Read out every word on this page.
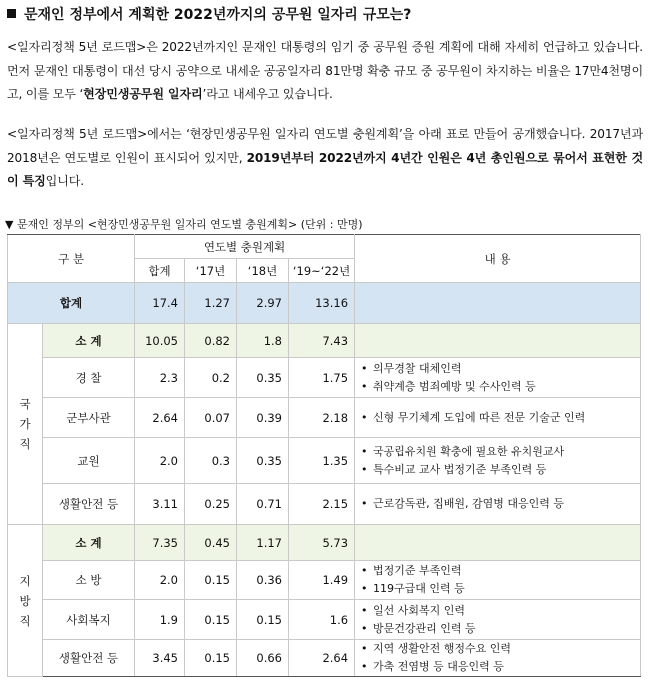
문재인 정부에서 계획한 2022년까지의 공무원 일자리 규모는?
<일자리정책 5년 로드맵>은 2022년까지인 문재인 대통령의 임기 중 공무원 증원 계획에 대해 자세히 언급하고 있습니다. 먼저 문재인 대통령이 대선 당시 공약으로 내세운 공공일자리 81만명 확충 규모 중 공무원이 차지하는 비율은 17만4천명이고, 이를 모두 ‘현장민생공무원 일자리’라고 내세우고 있습니다.
<일자리정책 5년 로드맵>에서는 ‘현장민생공무원 일자리 연도별 충원계획’을 아래 표로 만들어 공개했습니다. 2017년과 2018년은 연도별로 인원이 표시되어 있지만, 2019년부터 2022년까지 4년간 인원은 4년 총인원으로 묶어서 표현한 것이 특징입니다.
▼ 문재인 정부의 <현장민생공무원 일자리 연도별 충원계획> (단위 : 만명)
구 분		연도별 충원계획				내 용
		합계	‘17년	‘18년	‘19~‘22년	
합계		17.4	1.27	2.97	13.16	

국
가
직	소 계	10.05	0.82	1.8	7.43	
	경 찰	2.3	0.2	0.35	1.75	• 의무경찰 대체인력
• 취약계층 범죄예방 및 수사인력 등

	군부사관	2.64	0.07	0.39	2.18	• 신형 무기체계 도입에 따른 전문 기술군 인력

	교원	2.0	0.3	0.35	1.35	• 국공립유치원 확충에 필요한 유치원교사
• 특수비교 교사 법정기준 부족인력 등

	생활안전 등	3.11	0.25	0.71	2.15	• 근로감독관, 집배원, 감염병 대응인력 등

지
방
직	소 계	7.35	0.45	1.17	5.73	
	소 방	2.0	0.15	0.36	1.49	• 법정기준 부족인력
• 119구급대 인력 등

	사회복지	1.9	0.15	0.15	1.6	• 일선 사회복지 인력
• 방문건강관리 인력 등

	생활안전 등	3.45	0.15	0.66	2.64	• 지역 생활안전 행정수요 인력
• 가축 전염병 등 대응인력 등
